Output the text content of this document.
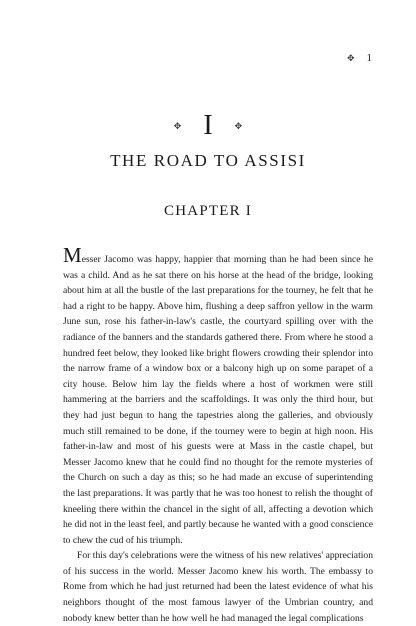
✥ 1
✥ I ✥
THE ROAD TO ASSISI
CHAPTER I

Messer Jacomo was happy, happier that morning than he had been since he was a child. And as he sat there on his horse at the head of the bridge, looking about him at all the bustle of the last preparations for the tourney, he felt that he had a right to be happy. Above him, flushing a deep saffron yellow in the warm June sun, rose his father-in-law's castle, the courtyard spilling over with the radiance of the banners and the standards gathered there. From where he stood a hundred feet below, they looked like bright flowers crowding their splendor into the narrow frame of a window box or a balcony high up on some parapet of a city house. Below him lay the fields where a host of workmen were still hammering at the barriers and the scaffoldings. It was only the third hour, but they had just begun to hang the tapestries along the galleries, and obviously much still remained to be done, if the tourney were to begin at high noon. His father-in-law and most of his guests were at Mass in the castle chapel, but Messer Jacomo knew that he could find no thought for the remote mysteries of the Church on such a day as this; so he had made an excuse of superintending the last preparations. It was partly that he was too honest to relish the thought of kneeling there within the chancel in the sight of all, affecting a devotion which he did not in the least feel, and partly because he wanted with a good conscience to chew the cud of his triumph.

For this day's celebrations were the witness of his new relatives' appreciation of his success in the world. Messer Jacomo knew his worth. The embassy to Rome from which he had just returned had been the latest evidence of what his neighbors thought of the most famous lawyer of the Umbrian country, and nobody knew better than he how well he had managed the legal complications
